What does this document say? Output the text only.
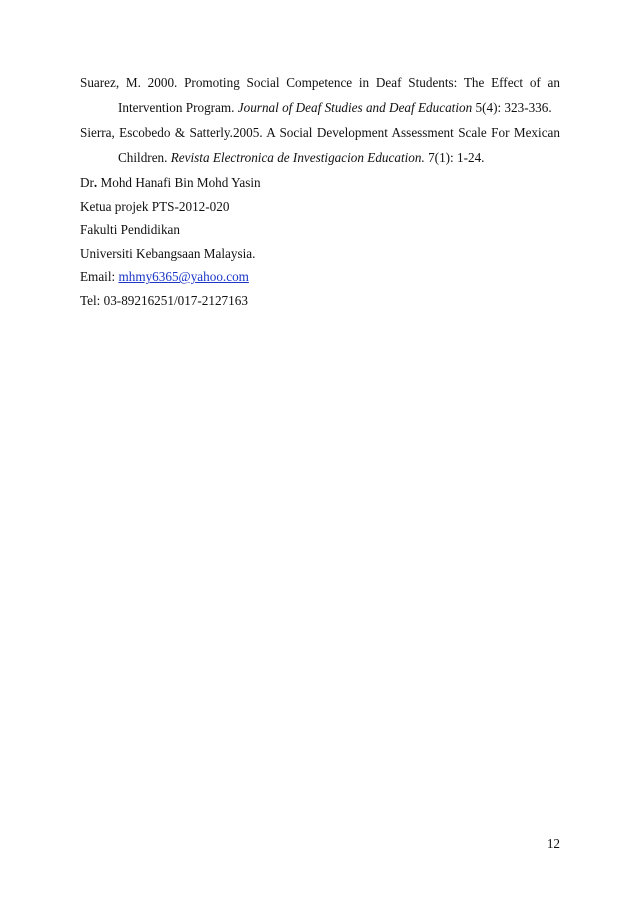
Suarez, M. 2000. Promoting Social Competence in Deaf Students: The Effect of an
Intervention Program. Journal of Deaf Studies and Deaf Education 5(4): 323-336.
Sierra, Escobedo & Satterly.2005. A Social Development Assessment Scale For Mexican
Children. Revista Electronica de Investigacion Education. 7(1): 1-24.
Dr. Mohd Hanafi Bin Mohd Yasin
Ketua projek PTS-2012-020
Fakulti Pendidikan
Universiti Kebangsaan Malaysia.
Email: mhmy6365@yahoo.com
Tel: 03-89216251/017-2127163
12
